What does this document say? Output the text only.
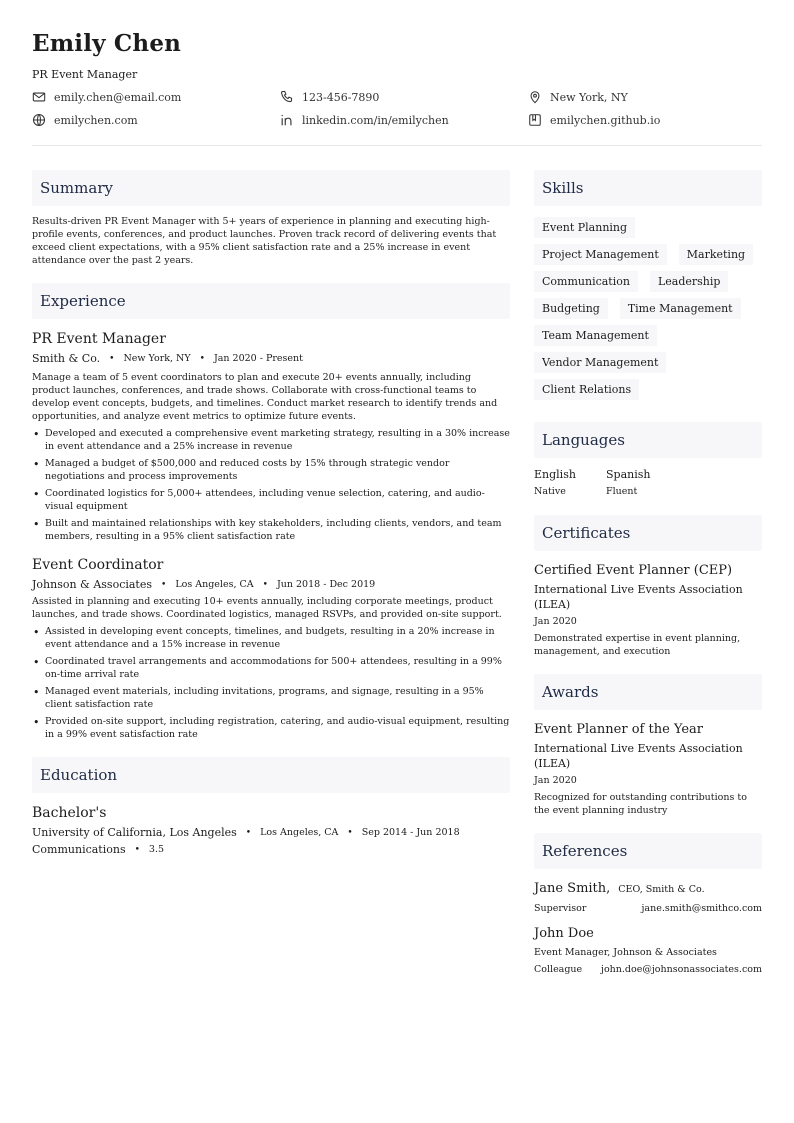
Emily Chen
PR Event Manager
emily.chen@email.com	123-456-7890	New York, NY
emilychen.com	linkedin.com/in/emilychen	emilychen.github.io
Summary
Results-driven PR Event Manager with 5+ years of experience in planning and executing high-profile events, conferences, and product launches. Proven track record of delivering events that exceed client expectations, with a 95% client satisfaction rate and a 25% increase in event attendance over the past 2 years.
Experience
PR Event Manager
Smith & Co. • New York, NY • Jan 2020 - Present
Manage a team of 5 event coordinators to plan and execute 20+ events annually, including product launches, conferences, and trade shows. Collaborate with cross-functional teams to develop event concepts, budgets, and timelines. Conduct market research to identify trends and opportunities, and analyze event metrics to optimize future events.
• Developed and executed a comprehensive event marketing strategy, resulting in a 30% increase in event attendance and a 25% increase in revenue
• Managed a budget of $500,000 and reduced costs by 15% through strategic vendor negotiations and process improvements
• Coordinated logistics for 5,000+ attendees, including venue selection, catering, and audio-visual equipment
• Built and maintained relationships with key stakeholders, including clients, vendors, and team members, resulting in a 95% client satisfaction rate
Event Coordinator
Johnson & Associates • Los Angeles, CA • Jun 2018 - Dec 2019
Assisted in planning and executing 10+ events annually, including corporate meetings, product launches, and trade shows. Coordinated logistics, managed RSVPs, and provided on-site support.
• Assisted in developing event concepts, timelines, and budgets, resulting in a 20% increase in event attendance and a 15% increase in revenue
• Coordinated travel arrangements and accommodations for 500+ attendees, resulting in a 99% on-time arrival rate
• Managed event materials, including invitations, programs, and signage, resulting in a 95% client satisfaction rate
• Provided on-site support, including registration, catering, and audio-visual equipment, resulting in a 99% event satisfaction rate
Education
Bachelor's
University of California, Los Angeles • Los Angeles, CA • Sep 2014 - Jun 2018
Communications • 3.5
Skills
Event Planning
Project Management	Marketing
Communication	Leadership
Budgeting	Time Management
Team Management
Vendor Management
Client Relations
Languages
English
Native
Spanish
Fluent
Certificates
Certified Event Planner (CEP)
International Live Events Association (ILEA)
Jan 2020
Demonstrated expertise in event planning, management, and execution
Awards
Event Planner of the Year
International Live Events Association (ILEA)
Jan 2020
Recognized for outstanding contributions to the event planning industry
References
Jane Smith, CEO, Smith & Co.
Supervisor	jane.smith@smithco.com
John Doe
Event Manager, Johnson & Associates
Colleague john.doe@johnsonassociates.com
